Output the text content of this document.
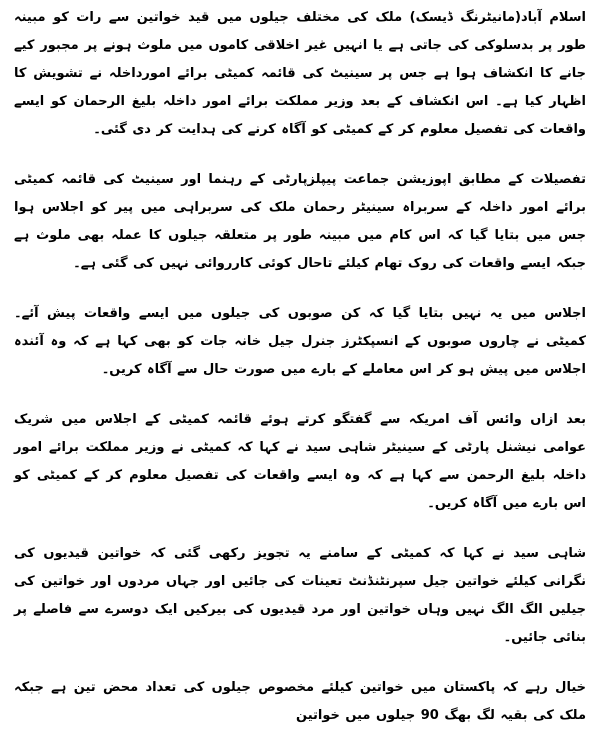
اسلام آباد(مانیٹرنگ ڈیسک) ملک کی مختلف جیلوں میں قید خواتین سے رات کو مبینہ طور پر بدسلوکی کی جاتی ہے یا انہیں غیر اخلاقی کاموں میں ملوث ہونے پر مجبور کیے جانے کا انکشاف ہوا ہے جس پر سینیٹ کی قائمہ کمیٹی برائے امورداخلہ نے تشویش کا اظہار کیا ہے۔ اس انکشاف کے بعد وزیر مملکت برائے امور داخلہ بلیغ الرحمان کو ایسے واقعات کی تفصیل معلوم کر کے کمیٹی کو آگاہ کرنے کی ہدایت کر دی گئی۔

تفصیلات کے مطابق اپوزیشن جماعت پیپلزپارٹی کے رہنما اور سینیٹ کی قائمہ کمیٹی برائے امور داخلہ کے سربراہ سینیٹر رحمان ملک کی سربراہی میں پیر کو اجلاس ہوا جس میں بتایا گیا کہ اس کام میں مبینہ طور پر متعلقہ جیلوں کا عملہ بھی ملوث ہے جبکہ ایسے واقعات کی روک تھام کیلئے تاحال کوئی کارروائی نہیں کی گئی ہے۔

اجلاس میں یہ نہیں بتایا گیا کہ کن صوبوں کی جیلوں میں ایسے واقعات پیش آئے۔ کمیٹی نے چاروں صوبوں کے انسپکٹرز جنرل جیل خانہ جات کو بھی کہا ہے کہ وہ آئندہ اجلاس میں پیش ہو کر اس معاملے کے بارے میں صورت حال سے آگاہ کریں۔

بعد ازاں وائس آف امریکہ سے گفتگو کرتے ہوئے قائمہ کمیٹی کے اجلاس میں شریک عوامی نیشنل پارٹی کے سینیٹر شاہی سید نے کہا کہ کمیٹی نے وزیر مملکت برائے امور داخلہ بلیغ الرحمن سے کہا ہے کہ وہ ایسے واقعات کی تفصیل معلوم کر کے کمیٹی کو اس بارے میں آگاہ کریں۔

شاہی سید نے کہا کہ کمیٹی کے سامنے یہ تجویز رکھی گئی کہ خواتین قیدیوں کی نگرانی کیلئے خواتین جیل سپرنٹنڈنٹ تعینات کی جائیں اور جہاں مردوں اور خواتین کی جیلیں الگ الگ نہیں وہاں خواتین اور مرد قیدیوں کی بیرکیں ایک دوسرے سے فاصلے پر بنائی جائیں۔

خیال رہے کہ پاکستان میں خواتین کیلئے مخصوص جیلوں کی تعداد محض تین ہے جبکہ ملک کی بقیہ لگ بھگ 90 جیلوں میں خواتین
